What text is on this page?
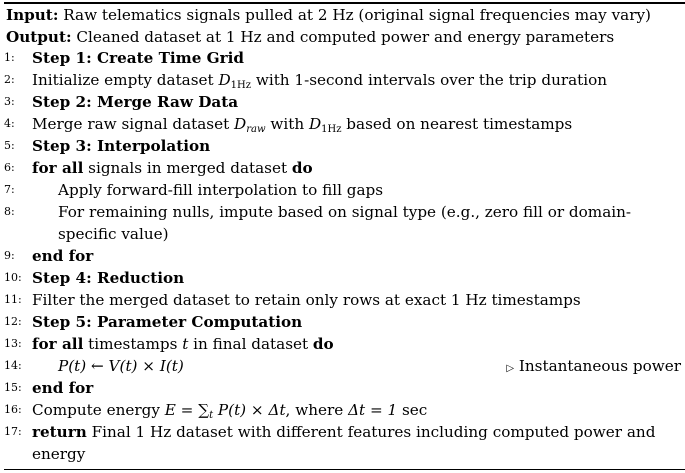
Input: Raw telematics signals pulled at 2 Hz (original signal frequencies may vary)
Output: Cleaned dataset at 1 Hz and computed power and energy parameters
1:	Step 1: Create Time Grid
2:	Initialize empty dataset $D_{1Hz}$ with 1-second intervals over the trip duration
3:	Step 2: Merge Raw Data
4:	Merge raw signal dataset $D_{raw}$ with $D_{1Hz}$ based on nearest timestamps
5:	Step 3: Interpolation
6:	for all signals in merged dataset do
7:	Apply forward-fill interpolation to fill gaps
8:	For remaining nulls, impute based on signal type (e.g., zero fill or domain-
specific value)
9:	end for
10: Step 4: Reduction
11: Filter the merged dataset to retain only rows at exact 1 Hz timestamps
12: Step 5: Parameter Computation
13: for all timestamps t in final dataset do
14: P(t) ← V(t) × I(t)	▷ Instantaneous power
15: end for
16: Compute energy $E = \sum_t$ P(t) × Δt, where Δt = 1 sec
17: return Final 1 Hz dataset with different features including computed power and
energy
